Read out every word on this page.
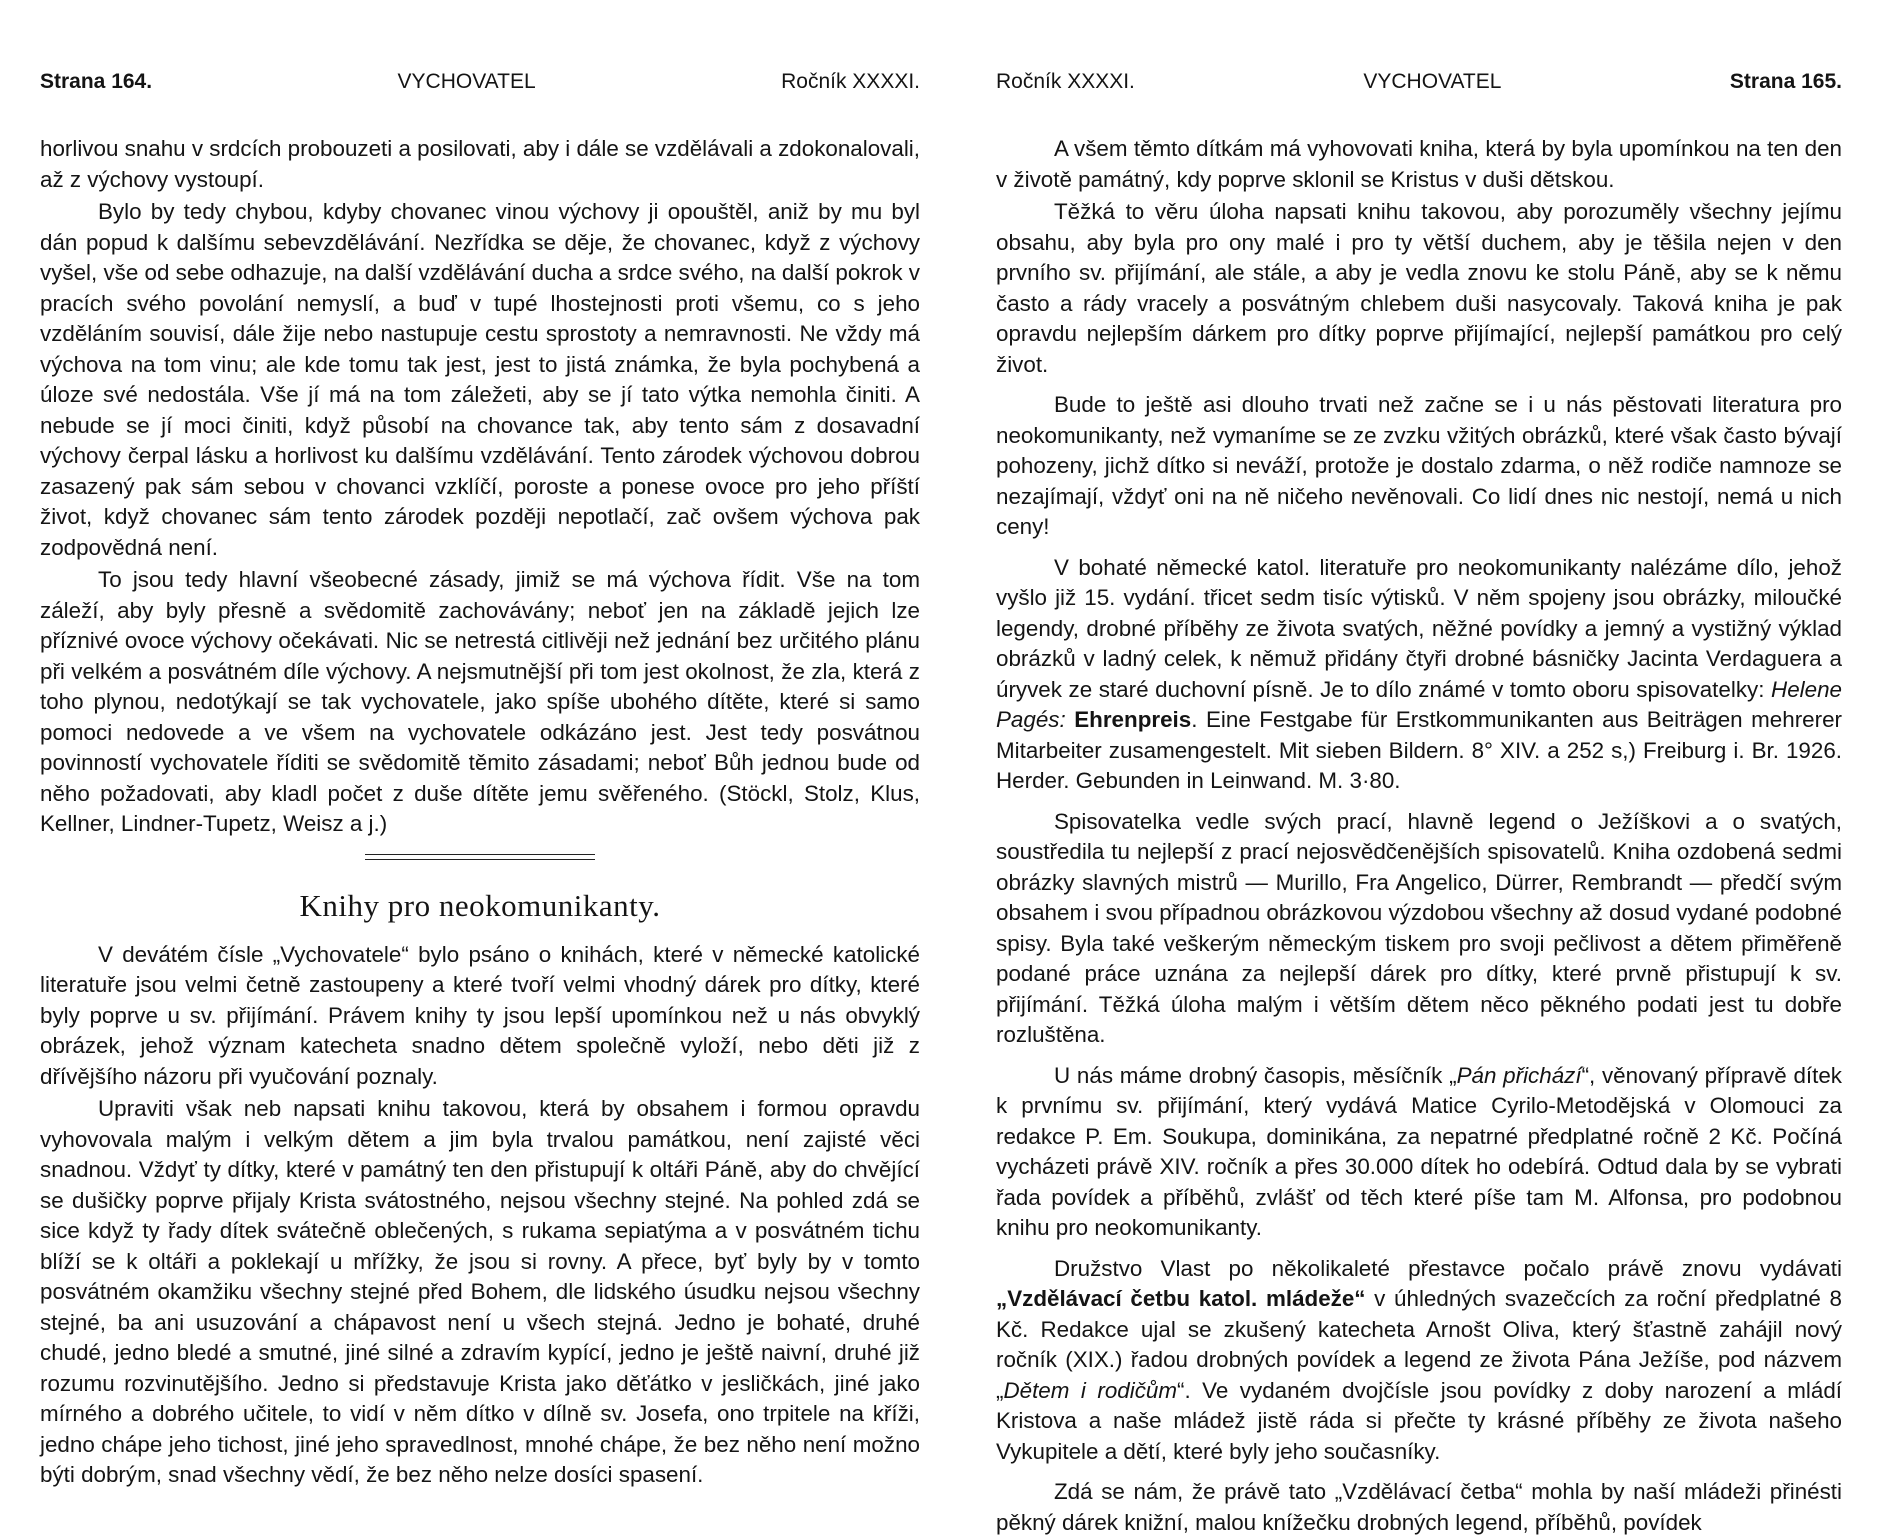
Strana 164.	VYCHOVATEL	Ročník XXXXI.

horlivou snahu v srdcích probouzeti a posilovati, aby i dále se vzdělávali a zdokonalovali, až z výchovy vystoupí.

Bylo by tedy chybou, kdyby chovanec vinou výchovy ji opouštěl, aniž by mu byl dán popud k dalšímu sebevzdělávání. Nezřídka se děje, že chovanec, když z výchovy vyšel, vše od sebe odhazuje, na další vzdělávání ducha a srdce svého, na další pokrok v pracích svého povolání nemyslí, a buď v tupé lhostejnosti proti všemu, co s jeho vzděláním souvisí, dále žije nebo nastupuje cestu sprostoty a nemravnosti. Ne vždy má výchova na tom vinu; ale kde tomu tak jest, jest to jistá známka, že byla pochybená a úloze své nedostála. Vše jí má na tom záležeti, aby se jí tato výtka nemohla činiti. A nebude se jí moci činiti, když působí na chovance tak, aby tento sám z dosavadní výchovy čerpal lásku a horlivost ku dalšímu vzdělávání. Tento zárodek výchovou dobrou zasazený pak sám sebou v chovanci vzklíčí, poroste a ponese ovoce pro jeho příští život, když chovanec sám tento zárodek později nepotlačí, zač ovšem výchova pak zodpovědná není.

To jsou tedy hlavní všeobecné zásady, jimiž se má výchova řídit. Vše na tom záleží, aby byly přesně a svědomitě zachovávány; neboť jen na základě jejich lze příznivé ovoce výchovy očekávati. Nic se netrestá citlivěji než jednání bez určitého plánu při velkém a posvátném díle výchovy. A nejsmutnější při tom jest okolnost, že zla, která z toho plynou, nedotýkají se tak vychovatele, jako spíše ubohého dítěte, které si samo pomoci nedovede a ve všem na vychovatele odkázáno jest. Jest tedy posvátnou povinností vychovatele říditi se svědomitě těmito zásadami; neboť Bůh jednou bude od něho požadovati, aby kladl počet z duše dítěte jemu svěřeného. (Stöckl, Stolz, Klus, Kellner, Lindner-Tupetz, Weisz a j.)

Knihy pro neokomunikanty.

V devátém čísle „Vychovatele“ bylo psáno o knihách, které v německé katolické literatuře jsou velmi četně zastoupeny a které tvoří velmi vhodný dárek pro dítky, které byly poprve u sv. přijímání. Právem knihy ty jsou lepší upomínkou než u nás obvyklý obrázek, jehož význam katecheta snadno dětem společně vyloží, nebo děti již z dřívějšího názoru při vyučování poznaly.

Upraviti však neb napsati knihu takovou, která by obsahem i formou opravdu vyhovovala malým i velkým dětem a jim byla trvalou památkou, není zajisté věci snadnou. Vždyť ty dítky, které v památný ten den přistupují k oltáři Páně, aby do chvějící se dušičky poprve přijaly Krista svátostného, nejsou všechny stejné. Na pohled zdá se sice když ty řady dítek svátečně oblečených, s rukama sepiatýma a v posvátném tichu blíží se k oltáři a poklekají u mřížky, že jsou si rovny. A přece, byť byly by v tomto posvátném okamžiku všechny stejné před Bohem, dle lidského úsudku nejsou všechny stejné, ba ani usuzování a chápavost není u všech stejná. Jedno je bohaté, druhé chudé, jedno bledé a smutné, jiné silné a zdravím kypící, jedno je ještě naivní, druhé již rozumu rozvinutějšího. Jedno si představuje Krista jako děťátko v jesličkách, jiné jako mírného a dobrého učitele, to vidí v něm dítko v dílně sv. Josefa, ono trpitele na kříži, jedno chápe jeho tichost, jiné jeho spravedlnost, mnohé chápe, že bez něho není možno býti dobrým, snad všechny vědí, že bez něho nelze dosíci spasení.

Ročník XXXXI.	VYCHOVATEL	Strana 165.

A všem těmto dítkám má vyhovovati kniha, která by byla upomínkou na ten den v životě památný, kdy poprve sklonil se Kristus v duši dětskou.

Těžká to věru úloha napsati knihu takovou, aby porozuměly všechny jejímu obsahu, aby byla pro ony malé i pro ty větší duchem, aby je těšila nejen v den prvního sv. přijímání, ale stále, a aby je vedla znovu ke stolu Páně, aby se k němu často a rády vracely a posvátným chlebem duši nasycovaly. Taková kniha je pak opravdu nejlepším dárkem pro dítky poprve přijímající, nejlepší památkou pro celý život.

Bude to ještě asi dlouho trvati než začne se i u nás pěstovati literatura pro neokomunikanty, než vymaníme se ze zvzku vžitých obrázků, které však často bývají pohozeny, jichž dítko si neváží, protože je dostalo zdarma, o něž rodiče namnoze se nezajímají, vždyť oni na ně ničeho nevěnovali. Co lidí dnes nic nestojí, nemá u nich ceny!

V bohaté německé katol. literatuře pro neokomunikanty nalézáme dílo, jehož vyšlo již 15. vydání. třicet sedm tisíc výtisků. V něm spojeny jsou obrázky, miloučké legendy, drobné příběhy ze života svatých, něžné povídky a jemný a vystižný výklad obrázků v ladný celek, k němuž přidány čtyři drobné básničky Jacinta Verdaguera a úryvek ze staré duchovní písně. Je to dílo známé v tomto oboru spisovatelky: Helene Pagés: Ehrenpreis. Eine Festgabe für Erstkommunikanten aus Beiträgen mehrerer Mitarbeiter zusamengestelt. Mit sieben Bildern. 8° XIV. a 252 s,) Freiburg i. Br. 1926. Herder. Gebunden in Leinwand. M. 3·80.

Spisovatelka vedle svých prací, hlavně legend o Ježíškovi a o svatých, soustředila tu nejlepší z prací nejosvědčenějších spisovatelů. Kniha ozdobená sedmi obrázky slavných mistrů — Murillo, Fra Angelico, Dürrer, Rembrandt — předčí svým obsahem i svou případnou obrázkovou výzdobou všechny až dosud vydané podobné spisy. Byla také veškerým německým tiskem pro svoji pečlivost a dětem přiměřeně podané práce uznána za nejlepší dárek pro dítky, které prvně přistupují k sv. přijímání. Těžká úloha malým i větším dětem něco pěkného podati jest tu dobře rozluštěna.

U nás máme drobný časopis, měsíčník „Pán přichází“, věnovaný přípravě dítek k prvnímu sv. přijímání, který vydává Matice Cyrilo-Metodějská v Olomouci za redakce P. Em. Soukupa, dominikána, za nepatrné předplatné ročně 2 Kč. Počíná vycházeti právě XIV. ročník a přes 30.000 dítek ho odebírá. Odtud dala by se vybrati řada povídek a příběhů, zvlášť od těch které píše tam M. Alfonsa, pro podobnou knihu pro neokomunikanty.

Družstvo Vlast po několikaleté přestavce počalo právě znovu vydávati „Vzdělávací četbu katol. mládeže“ v úhledných svazečcích za roční předplatné 8 Kč. Redakce ujal se zkušený katecheta Arnošt Oliva, který šťastně zahájil nový ročník (XIX.) řadou drobných povídek a legend ze života Pána Ježíše, pod názvem „Dětem i rodičům“. Ve vydaném dvojčísle jsou povídky z doby narození a mládí Kristova a naše mládež jistě ráda si přečte ty krásné příběhy ze života našeho Vykupitele a dětí, které byly jeho současníky.

Zdá se nám, že právě tato „Vzdělávací četba“ mohla by naší mládeži přinésti pěkný dárek knižní, malou knížečku drobných legend, příběhů, povídek
